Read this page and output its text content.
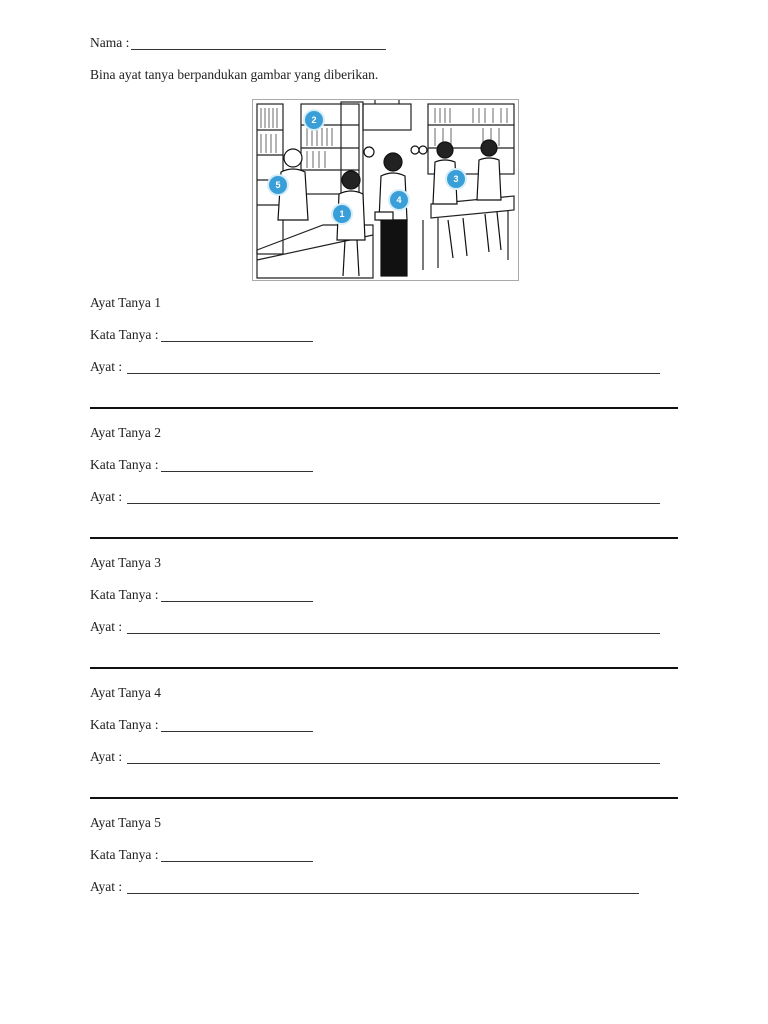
Nama :
Bina ayat tanya berpandukan gambar yang diberikan.
2
5
1
4
3
Ayat Tanya 1
Kata Tanya :
Ayat :
Ayat Tanya 2
Kata Tanya :
Ayat :
Ayat Tanya 3
Kata Tanya :
Ayat :
Ayat Tanya 4
Kata Tanya :
Ayat :
Ayat Tanya 5
Kata Tanya :
Ayat :
